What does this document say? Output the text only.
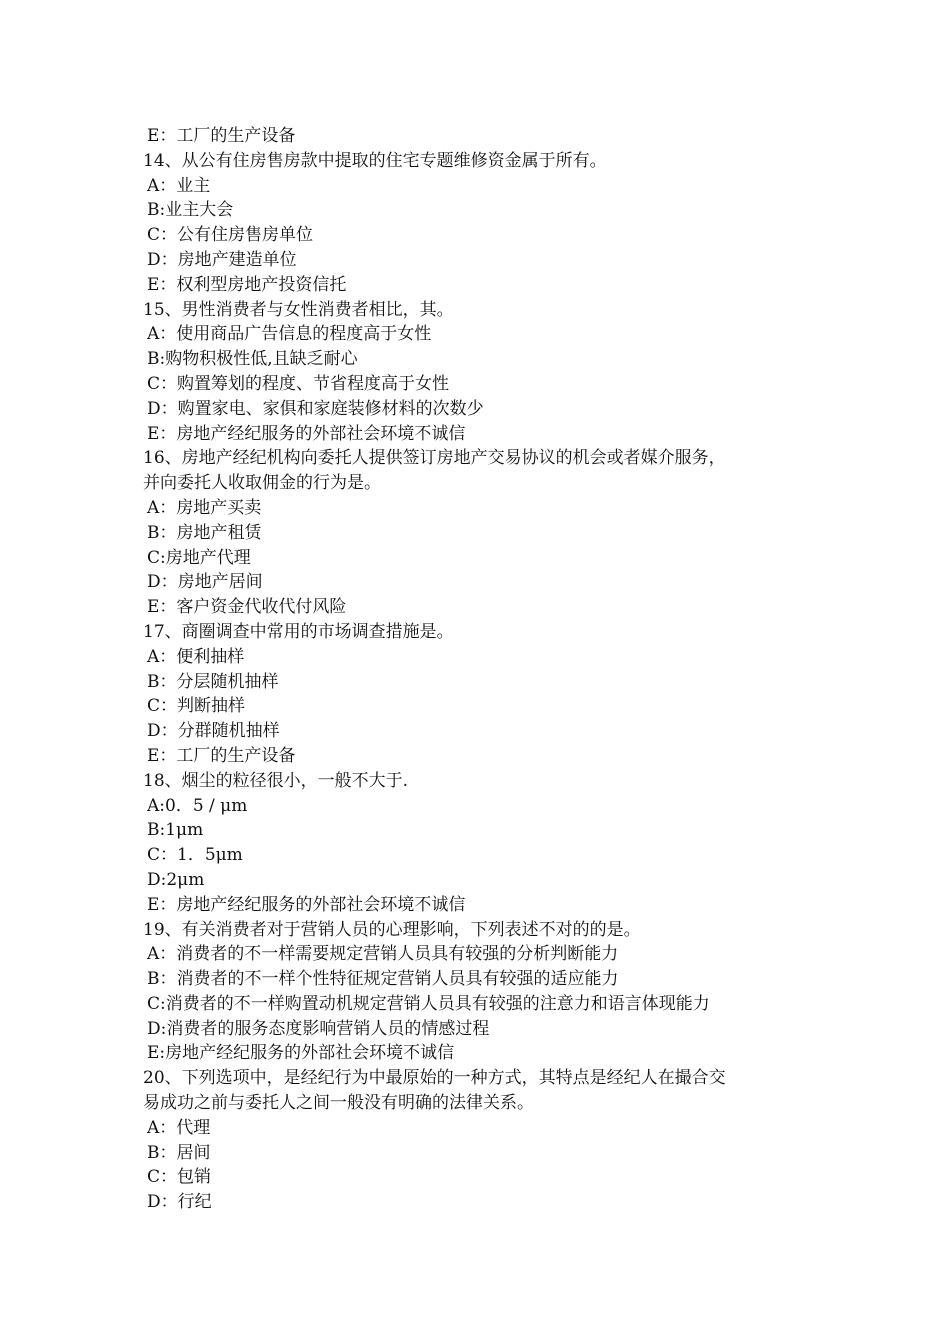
E：工厂的生产设备
14、从公有住房售房款中提取的住宅专题维修资金属于所有。
A：业主
B:业主大会
C：公有住房售房单位
D：房地产建造单位
E：权利型房地产投资信托
15、男性消费者与女性消费者相比，其。
A：使用商品广告信息的程度高于女性
B:购物积极性低,且缺乏耐心
C：购置筹划的程度、节省程度高于女性
D：购置家电、家俱和家庭装修材料的次数少
E：房地产经纪服务的外部社会环境不诚信
16、房地产经纪机构向委托人提供签订房地产交易协议的机会或者媒介服务，
并向委托人收取佣金的行为是。
A：房地产买卖
B：房地产租赁
C:房地产代理
D：房地产居间
E：客户资金代收代付风险
17、商圈调查中常用的市场调查措施是。
A：便利抽样
B：分层随机抽样
C：判断抽样
D：分群随机抽样
E：工厂的生产设备
18、烟尘的粒径很小，一般不大于.
A:0．5 / μm
B:1μm
C：1．5μm
D:2μm
E：房地产经纪服务的外部社会环境不诚信
19、有关消费者对于营销人员的心理影响，下列表述不对的的是。
A：消费者的不一样需要规定营销人员具有较强的分析判断能力
B：消费者的不一样个性特征规定营销人员具有较强的适应能力
C:消费者的不一样购置动机规定营销人员具有较强的注意力和语言体现能力
D:消费者的服务态度影响营销人员的情感过程
E:房地产经纪服务的外部社会环境不诚信
20、下列选项中，是经纪行为中最原始的一种方式，其特点是经纪人在撮合交
易成功之前与委托人之间一般没有明确的法律关系。
A：代理
B：居间
C：包销
D：行纪
